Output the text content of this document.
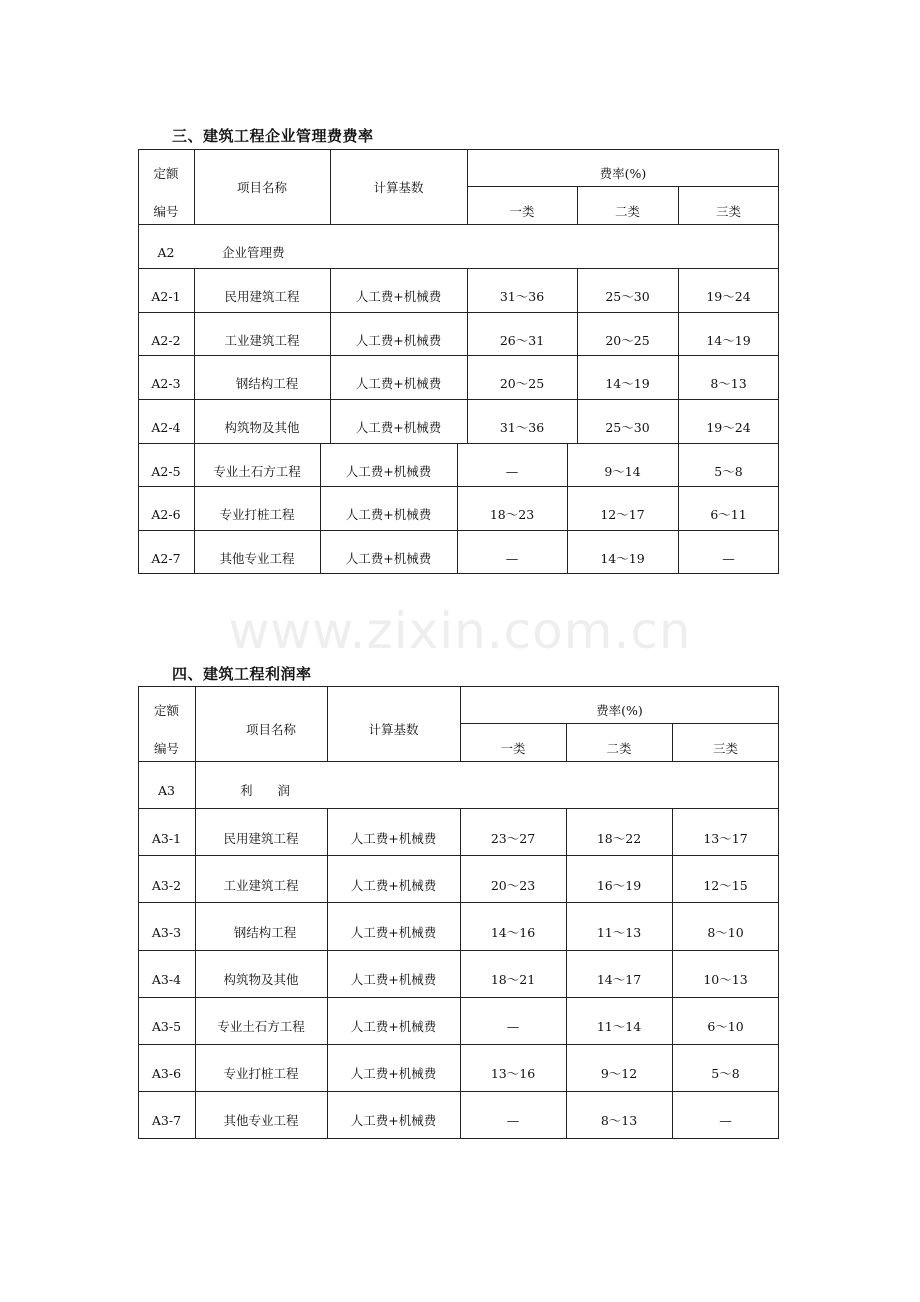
三、建筑工程企业管理费费率
四、建筑工程利润率
www.zixin.com.cn
定额
编号
项目名称	计算基数
费率(%)
一类	二类	三类
A2	企业管理费
A2-1	民用建筑工程	人工费+机械费	31～36	25～30	19～24
A2-2	工业建筑工程	人工费+机械费	26～31	20～25	14～19
A2-3	钢结构工程	人工费+机械费	20～25	14～19	8～13
A2-4	构筑物及其他	人工费+机械费	31～36	25～30	19～24
A2-5	专业土石方工程	人工费+机械费	—	9～14	5～8
A2-6	专业打桩工程	人工费+机械费	18～23	12～17	6～11
A2-7	其他专业工程	人工费+机械费	—	14～19	—
定额
编号
项目名称	计算基数
费率(%)
一类	二类	三类
A3	利　　润
A3-1	民用建筑工程	人工费+机械费	23～27	18～22	13～17
A3-2	工业建筑工程	人工费+机械费	20～23	16～19	12～15
A3-3	钢结构工程	人工费+机械费	14～16	11～13	8～10
A3-4	构筑物及其他	人工费+机械费	18～21	14～17	10～13
A3-5	专业土石方工程	人工费+机械费	—	11～14	6～10
A3-6	专业打桩工程	人工费+机械费	13～16	9～12	5～8
A3-7	其他专业工程	人工费+机械费	—	8～13	—
